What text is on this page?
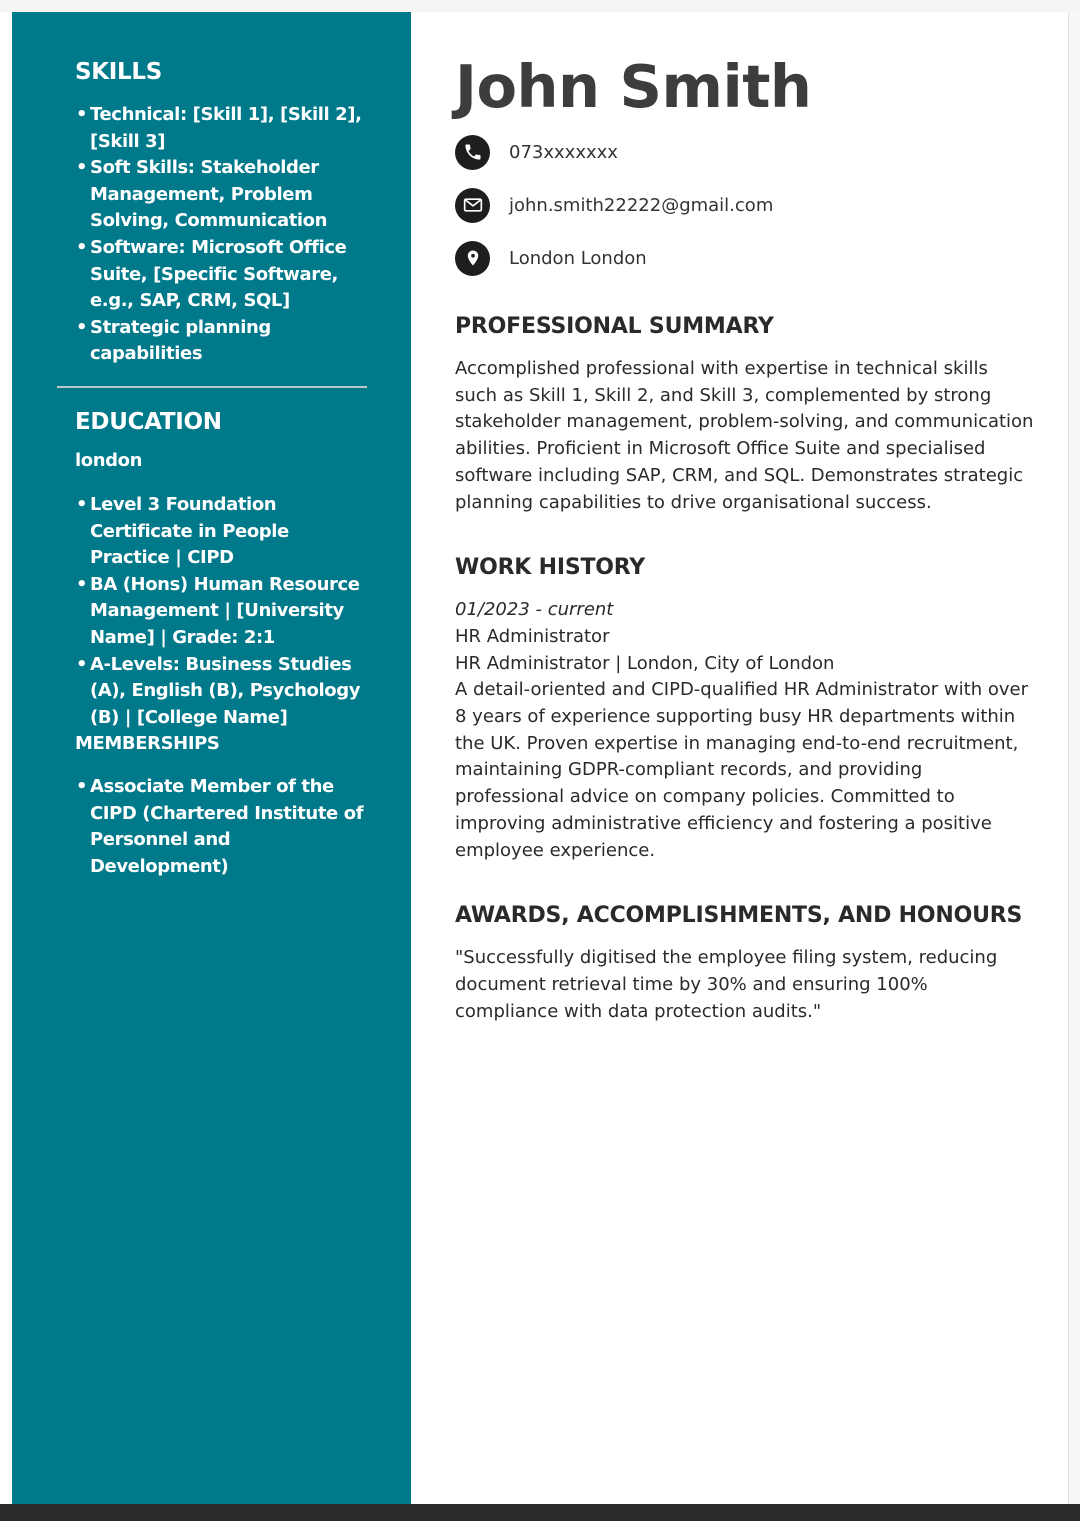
SKILLS
• Technical: [Skill 1], [Skill 2], [Skill 3]
• Soft Skills: Stakeholder Management, Problem Solving, Communication
• Software: Microsoft Office Suite, [Specific Software, e.g., SAP, CRM, SQL]
• Strategic planning capabilities
EDUCATION
london
• Level 3 Foundation Certificate in People Practice | CIPD
• BA (Hons) Human Resource Management | [University Name] | Grade: 2:1
• A-Levels: Business Studies (A), English (B), Psychology (B) | [College Name]
MEMBERSHIPS
• Associate Member of the CIPD (Chartered Institute of Personnel and Development)
John Smith
073xxxxxxx
john.smith22222@gmail.com
London London
PROFESSIONAL SUMMARY

Accomplished professional with expertise in technical skills such as Skill 1, Skill 2, and Skill 3, complemented by strong stakeholder management, problem-solving, and communication abilities. Proficient in Microsoft Office Suite and specialised software including SAP, CRM, and SQL. Demonstrates strategic planning capabilities to drive organisational success.

WORK HISTORY

01/2023 - current

HR Administrator

HR Administrator | London, City of London

A detail-oriented and CIPD-qualified HR Administrator with over 8 years of experience supporting busy HR departments within the UK. Proven expertise in managing end-to-end recruitment, maintaining GDPR-compliant records, and providing professional advice on company policies. Committed to improving administrative efficiency and fostering a positive employee experience.

AWARDS, ACCOMPLISHMENTS, AND HONOURS

"Successfully digitised the employee filing system, reducing document retrieval time by 30% and ensuring 100% compliance with data protection audits."
